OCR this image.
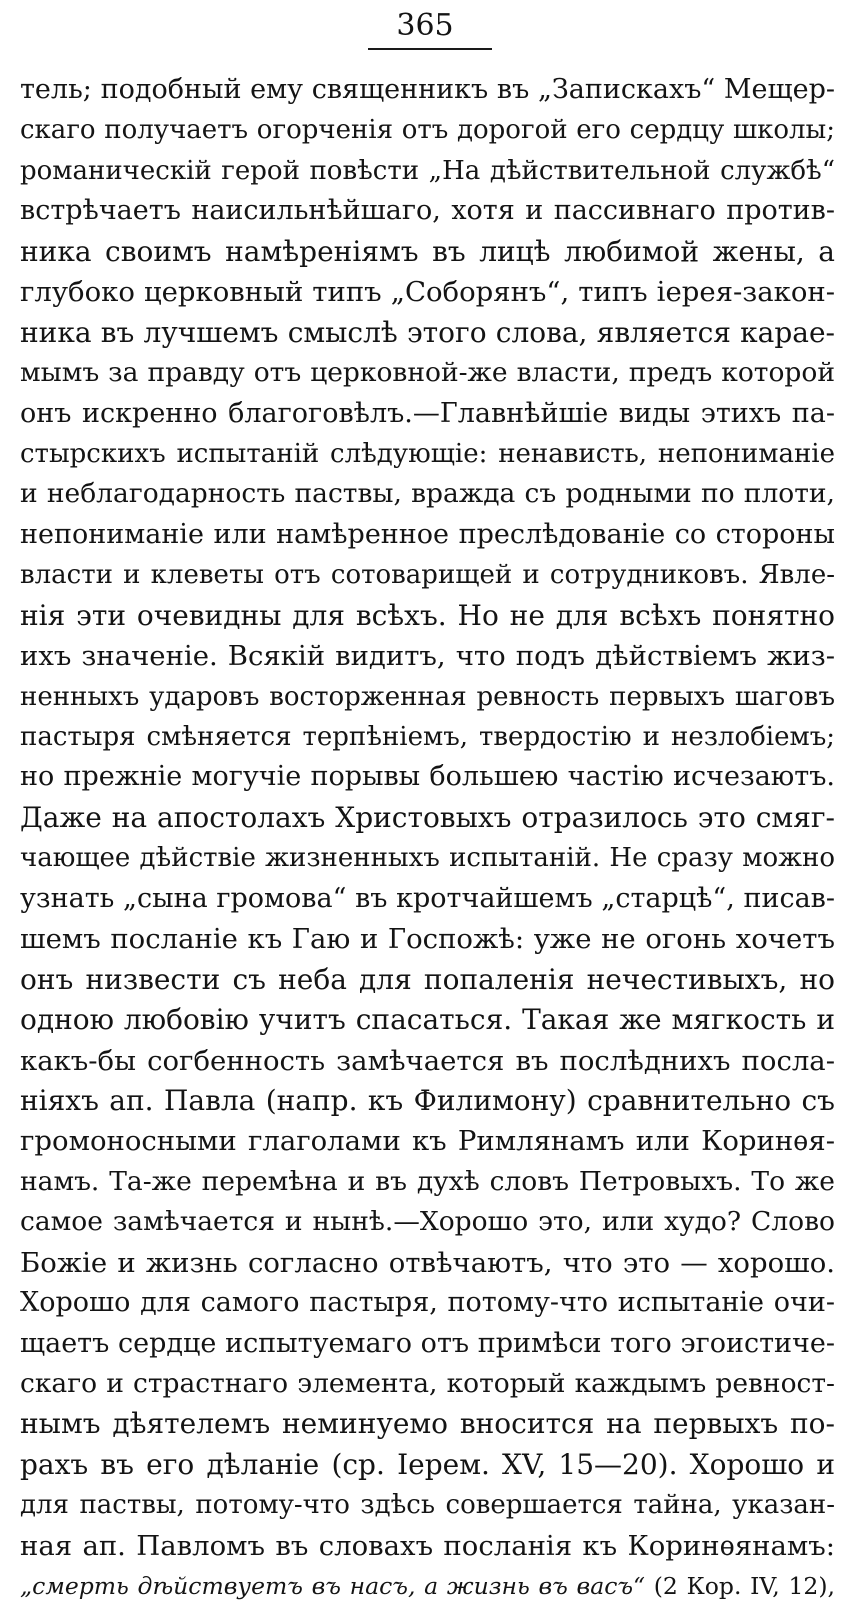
365
тель; подобный ему священникъ въ „Запискахъ“ Мещер-
скаго получаетъ огорченія отъ дорогой его сердцу школы;
романическій герой повѣсти „На дѣйствительной службѣ“
встрѣчаетъ наисильнѣйшаго, хотя и пассивнаго против-
ника своимъ намѣреніямъ въ лицѣ любимой жены, а
глубоко церковный типъ „Соборянъ“, типъ іерея-закон-
ника въ лучшемъ смыслѣ этого слова, является карае-
мымъ за правду отъ церковной-же власти, предъ которой
онъ искренно благоговѣлъ.—Главнѣйшіе виды этихъ па-
стырскихъ испытаній слѣдующіе: ненависть, непониманіе
и неблагодарность паствы, вражда съ родными по плоти,
непониманіе или намѣренное преслѣдованіе со стороны
власти и клеветы отъ сотоварищей и сотрудниковъ. Явле-
нія эти очевидны для всѣхъ. Но не для всѣхъ понятно
ихъ значеніе. Всякій видитъ, что подъ дѣйствіемъ жиз-
ненныхъ ударовъ восторженная ревность первыхъ шаговъ
пастыря смѣняется терпѣніемъ, твердостію и незлобіемъ;
но прежніе могучіе порывы большею частію исчезаютъ.
Даже на апостолахъ Христовыхъ отразилось это смяг-
чающее дѣйствіе жизненныхъ испытаній. Не сразу можно
узнать „сына громова“ въ кротчайшемъ „старцѣ“, писав-
шемъ посланіе къ Гаю и Госпожѣ: уже не огонь хочетъ
онъ низвести съ неба для попаленія нечестивыхъ, но
одною любовію учитъ спасаться. Такая же мягкость и
какъ-бы согбенность замѣчается въ послѣднихъ посла-
ніяхъ ап. Павла (напр. къ Филимону) сравнительно съ
громоносными глаголами къ Римлянамъ или Коринѳя-
намъ. Та-же перемѣна и въ духѣ словъ Петровыхъ. То же
самое замѣчается и нынѣ.—Хорошо это, или худо? Слово
Божіе и жизнь согласно отвѣчаютъ, что это — хорошо.
Хорошо для самого пастыря, потому-что испытаніе очи-
щаетъ сердце испытуемаго отъ примѣси того эгоистиче-
скаго и страстнаго элемента, который каждымъ ревност-
нымъ дѣятелемъ неминуемо вносится на первыхъ по-
рахъ въ его дѣланіе (ср. Іерем. XV, 15—20). Хорошо и
для паствы, потому-что здѣсь совершается тайна, указан-
ная ап. Павломъ въ словахъ посланія къ Коринѳянамъ:
„смерть дѣйствуетъ въ насъ, а жизнь въ васъ“ (2 Кор. IV, 12),
